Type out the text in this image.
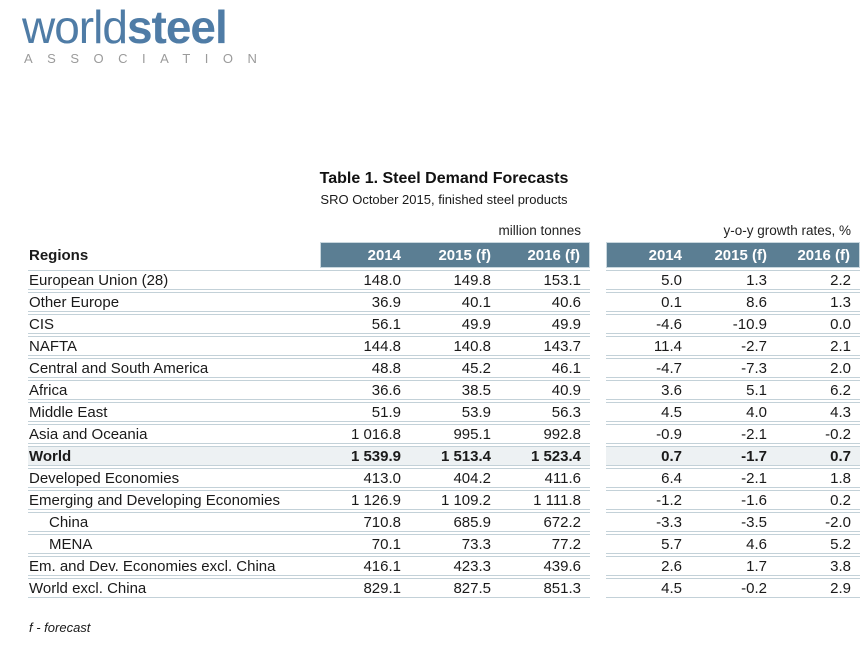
worldsteel
ASSOCIATION
Table 1. Steel Demand Forecasts
SRO October 2015, finished steel products
	million tonnes				y-o-y growth rates, %		
Regions	2014	2015 (f)	2016 (f)		2014	2015 (f)	2016 (f)
European Union (28)	148.0	149.8	153.1		5.0	1.3	2.2
Other Europe	36.9	40.1	40.6		0.1	8.6	1.3
CIS	56.1	49.9	49.9		-4.6	-10.9	0.0
NAFTA	144.8	140.8	143.7		11.4	-2.7	2.1
Central and South America	48.8	45.2	46.1		-4.7	-7.3	2.0
Africa	36.6	38.5	40.9		3.6	5.1	6.2
Middle East	51.9	53.9	56.3		4.5	4.0	4.3
Asia and Oceania	1 016.8	995.1	992.8		-0.9	-2.1	-0.2
World	1 539.9	1 513.4	1 523.4		0.7	-1.7	0.7
Developed Economies	413.0	404.2	411.6		6.4	-2.1	1.8
Emerging and Developing Economies	1 126.9	1 109.2	1 111.8		-1.2	-1.6	0.2
China	710.8	685.9	672.2		-3.3	-3.5	-2.0
MENA	70.1	73.3	77.2		5.7	4.6	5.2
Em. and Dev. Economies excl. China	416.1	423.3	439.6		2.6	1.7	3.8
World excl. China	829.1	827.5	851.3		4.5	-0.2	2.9
f - forecast
